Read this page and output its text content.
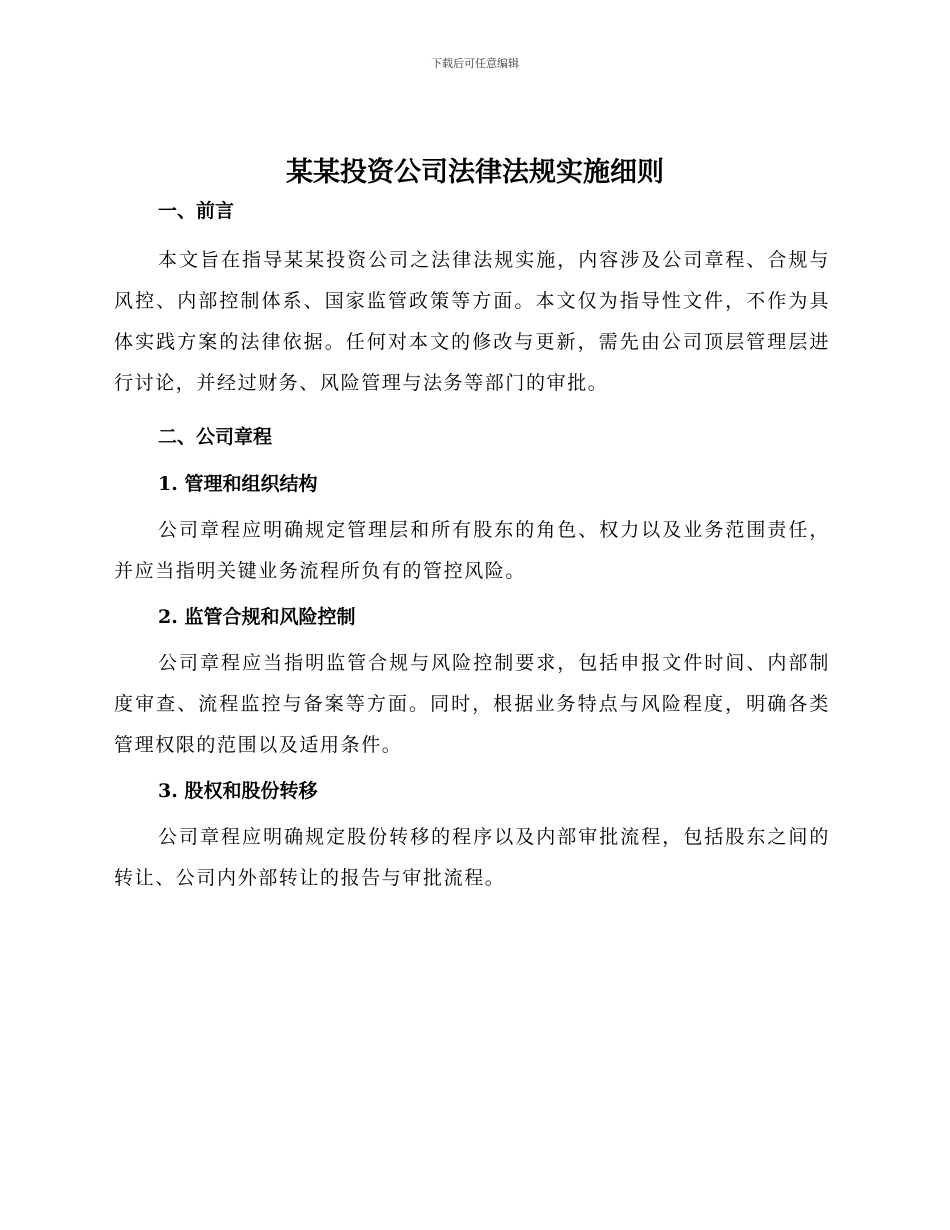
下载后可任意编辑
某某投资公司法律法规实施细则
一、前言

本文旨在指导某某投资公司之法律法规实施，内容涉及公司章程、合规与风控、内部控制体系、国家监管政策等方面。本文仅为指导性文件，不作为具体实践方案的法律依据。任何对本文的修改与更新，需先由公司顶层管理层进行讨论，并经过财务、风险管理与法务等部门的审批。

二、公司章程
1. 管理和组织结构

公司章程应明确规定管理层和所有股东的角色、权力以及业务范围责任，并应当指明关键业务流程所负有的管控风险。

2. 监管合规和风险控制

公司章程应当指明监管合规与风险控制要求，包括申报文件时间、内部制度审查、流程监控与备案等方面。同时，根据业务特点与风险程度，明确各类管理权限的范围以及适用条件。

3. 股权和股份转移

公司章程应明确规定股份转移的程序以及内部审批流程，包括股东之间的转让、公司内外部转让的报告与审批流程。
